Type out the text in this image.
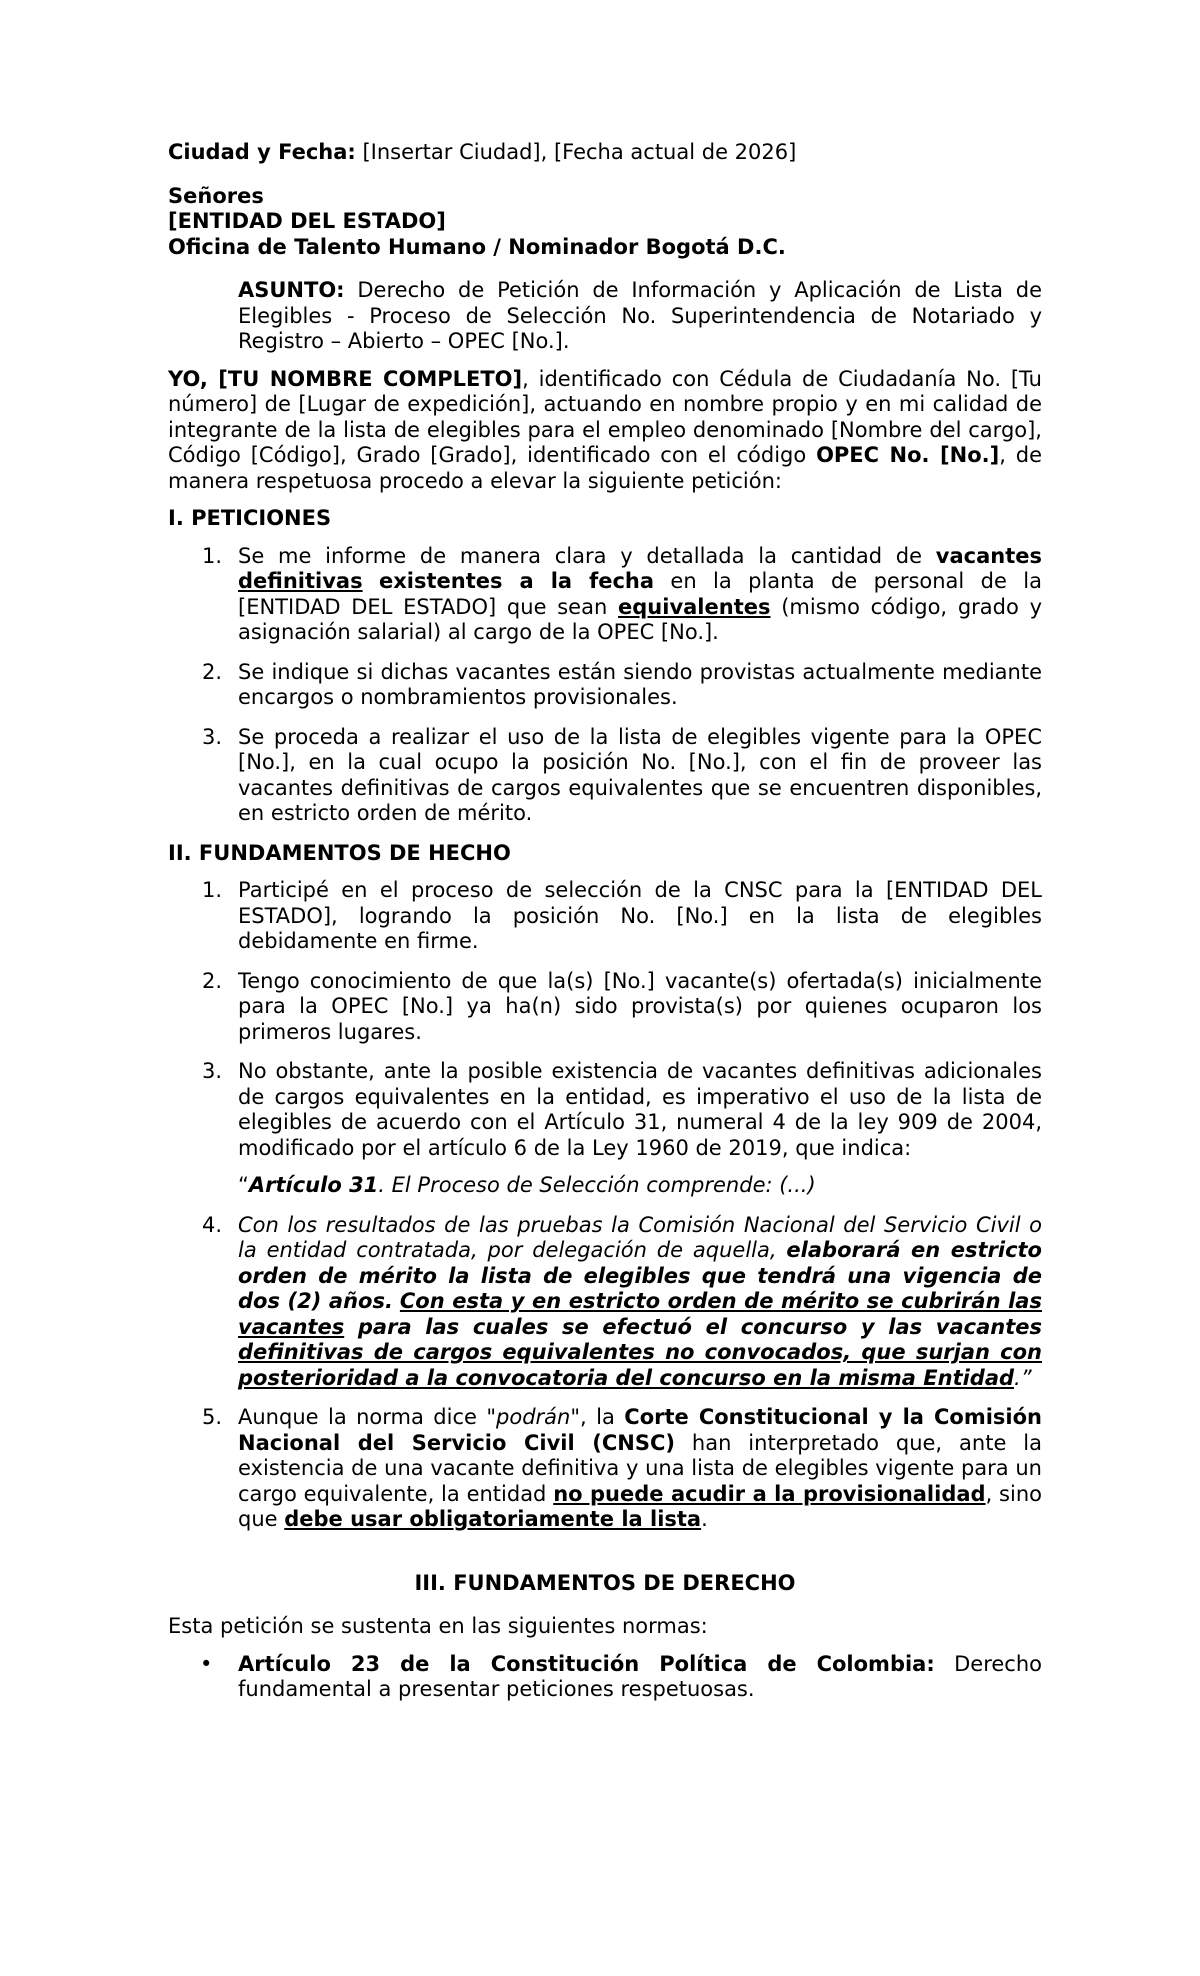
Ciudad y Fecha: [Insertar Ciudad], [Fecha actual de 2026]

Señores

[ENTIDAD DEL ESTADO]

Oficina de Talento Humano / Nominador Bogotá D.C.

ASUNTO: Derecho de Petición de Información y Aplicación de Lista de Elegibles - Proceso de Selección No. Superintendencia de Notariado y Registro – Abierto – OPEC [No.].

YO, [TU NOMBRE COMPLETO], identificado con Cédula de Ciudadanía No. [Tu número] de [Lugar de expedición], actuando en nombre propio y en mi calidad de integrante de la lista de elegibles para el empleo denominado [Nombre del cargo], Código [Código], Grado [Grado], identificado con el código OPEC No. [No.], de manera respetuosa procedo a elevar la siguiente petición:

I. PETICIONES

1. Se me informe de manera clara y detallada la cantidad de vacantes definitivas existentes a la fecha en la planta de personal de la [ENTIDAD DEL ESTADO] que sean equivalentes (mismo código, grado y asignación salarial) al cargo de la OPEC [No.].
2. Se indique si dichas vacantes están siendo provistas actualmente mediante encargos o nombramientos provisionales.
3. Se proceda a realizar el uso de la lista de elegibles vigente para la OPEC [No.], en la cual ocupo la posición No. [No.], con el fin de proveer las vacantes definitivas de cargos equivalentes que se encuentren disponibles, en estricto orden de mérito.

II. FUNDAMENTOS DE HECHO

1. Participé en el proceso de selección de la CNSC para la [ENTIDAD DEL ESTADO], logrando la posición No. [No.] en la lista de elegibles debidamente en firme.
2. Tengo conocimiento de que la(s) [No.] vacante(s) ofertada(s) inicialmente para la OPEC [No.] ya ha(n) sido provista(s) por quienes ocuparon los primeros lugares.
3. No obstante, ante la posible existencia de vacantes definitivas adicionales de cargos equivalentes en la entidad, es imperativo el uso de la lista de elegibles de acuerdo con el Artículo 31, numeral 4 de la ley 909 de 2004, modificado por el artículo 6 de la Ley 1960 de 2019, que indica:

“Artículo 31. El Proceso de Selección comprende: (...)

4. Con los resultados de las pruebas la Comisión Nacional del Servicio Civil o la entidad contratada, por delegación de aquella, elaborará en estricto orden de mérito la lista de elegibles que tendrá una vigencia de dos (2) años. Con esta y en estricto orden de mérito se cubrirán las vacantes para las cuales se efectuó el concurso y las vacantes definitivas de cargos equivalentes no convocados, que surjan con posterioridad a la convocatoria del concurso en la misma Entidad.”
5. Aunque la norma dice "podrán", la Corte Constitucional y la Comisión Nacional del Servicio Civil (CNSC) han interpretado que, ante la existencia de una vacante definitiva y una lista de elegibles vigente para un cargo equivalente, la entidad no puede acudir a la provisionalidad, sino que debe usar obligatoriamente la lista.

III. FUNDAMENTOS DE DERECHO

Esta petición se sustenta en las siguientes normas:

• Artículo 23 de la Constitución Política de Colombia: Derecho fundamental a presentar peticiones respetuosas.
